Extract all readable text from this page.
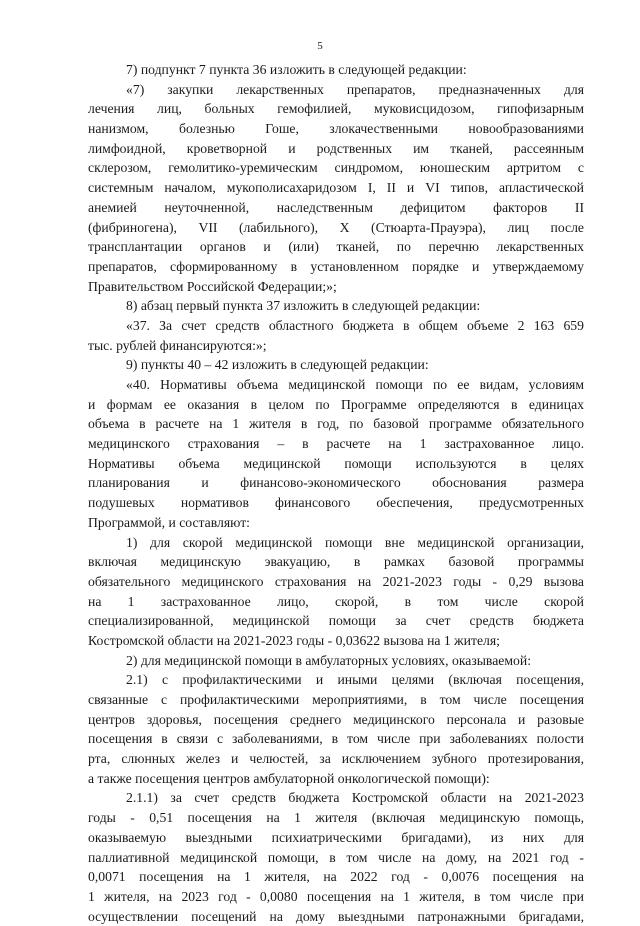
5
7) подпункт 7 пункта 36 изложить в следующей редакции:
«7) закупки лекарственных препаратов, предназначенных для
лечения лиц, больных гемофилией, муковисцидозом, гипофизарным
нанизмом, болезнью Гоше, злокачественными новообразованиями
лимфоидной, кроветворной и родственных им тканей, рассеянным
склерозом, гемолитико-уремическим синдромом, юношеским артритом с
системным началом, мукополисахаридозом I, II и VI типов, апластической
анемией неуточненной, наследственным дефицитом факторов II
(фибриногена), VII (лабильного), X (Стюарта-Прауэра), лиц после
трансплантации органов и (или) тканей, по перечню лекарственных
препаратов, сформированному в установленном порядке и утверждаемому
Правительством Российской Федерации;»;
8) абзац первый пункта 37 изложить в следующей редакции:
«37. За счет средств областного бюджета в общем объеме 2 163 659
тыс. рублей финансируются:»;
9) пункты 40 – 42 изложить в следующей редакции:
«40. Нормативы объема медицинской помощи по ее видам, условиям
и формам ее оказания в целом по Программе определяются в единицах
объема в расчете на 1 жителя в год, по базовой программе обязательного
медицинского страхования – в расчете на 1 застрахованное лицо.
Нормативы объема медицинской помощи используются в целях
планирования и финансово-экономического обоснования размера
подушевых нормативов финансового обеспечения, предусмотренных
Программой, и составляют:
1) для скорой медицинской помощи вне медицинской организации,
включая медицинскую эвакуацию, в рамках базовой программы
обязательного медицинского страхования на 2021-2023 годы - 0,29 вызова
на 1 застрахованное лицо, скорой, в том числе скорой
специализированной, медицинской помощи за счет средств бюджета
Костромской области на 2021-2023 годы - 0,03622 вызова на 1 жителя;
2) для медицинской помощи в амбулаторных условиях, оказываемой:
2.1) с профилактическими и иными целями (включая посещения,
связанные с профилактическими мероприятиями, в том числе посещения
центров здоровья, посещения среднего медицинского персонала и разовые
посещения в связи с заболеваниями, в том числе при заболеваниях полости
рта, слюнных желез и челюстей, за исключением зубного протезирования,
а также посещения центров амбулаторной онкологической помощи):
2.1.1) за счет средств бюджета Костромской области на 2021-2023
годы - 0,51 посещения на 1 жителя (включая медицинскую помощь,
оказываемую выездными психиатрическими бригадами), из них для
паллиативной медицинской помощи, в том числе на дому, на 2021 год -
0,0071 посещения на 1 жителя, на 2022 год - 0,0076 посещения на
1 жителя, на 2023 год - 0,0080 посещения на 1 жителя, в том числе при
осуществлении посещений на дому выездными патронажными бригадами,
